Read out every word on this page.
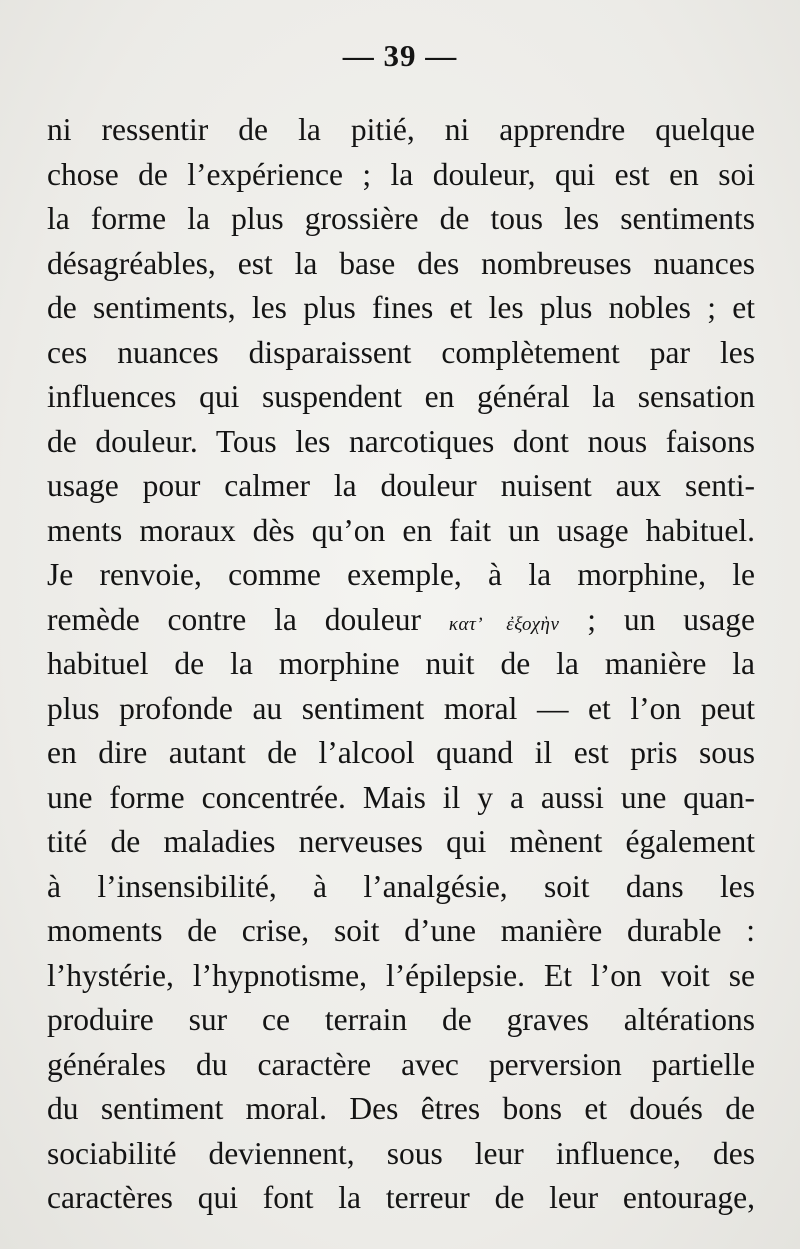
— 39 —
ni ressentir de la pitié, ni apprendre quelque
chose de l’expérience ; la douleur, qui est en soi
la forme la plus grossière de tous les sentiments
désagréables, est la base des nombreuses nuances
de sentiments, les plus fines et les plus nobles ; et
ces nuances disparaissent complètement par les
influences qui suspendent en général la sensation
de douleur. Tous les narcotiques dont nous faisons
usage pour calmer la douleur nuisent aux senti-
ments moraux dès qu’on en fait un usage habituel.
Je renvoie, comme exemple, à la morphine, le
remède contre la douleur κατ’ ἐξοχὴν ; un usage
habituel de la morphine nuit de la manière la
plus profonde au sentiment moral — et l’on peut
en dire autant de l’alcool quand il est pris sous
une forme concentrée. Mais il y a aussi une quan-
tité de maladies nerveuses qui mènent également
à l’insensibilité, à l’analgésie, soit dans les
moments de crise, soit d’une manière durable :
l’hystérie, l’hypnotisme, l’épilepsie. Et l’on voit se
produire sur ce terrain de graves altérations
générales du caractère avec perversion partielle
du sentiment moral. Des êtres bons et doués de
sociabilité deviennent, sous leur influence, des
caractères qui font la terreur de leur entourage,
